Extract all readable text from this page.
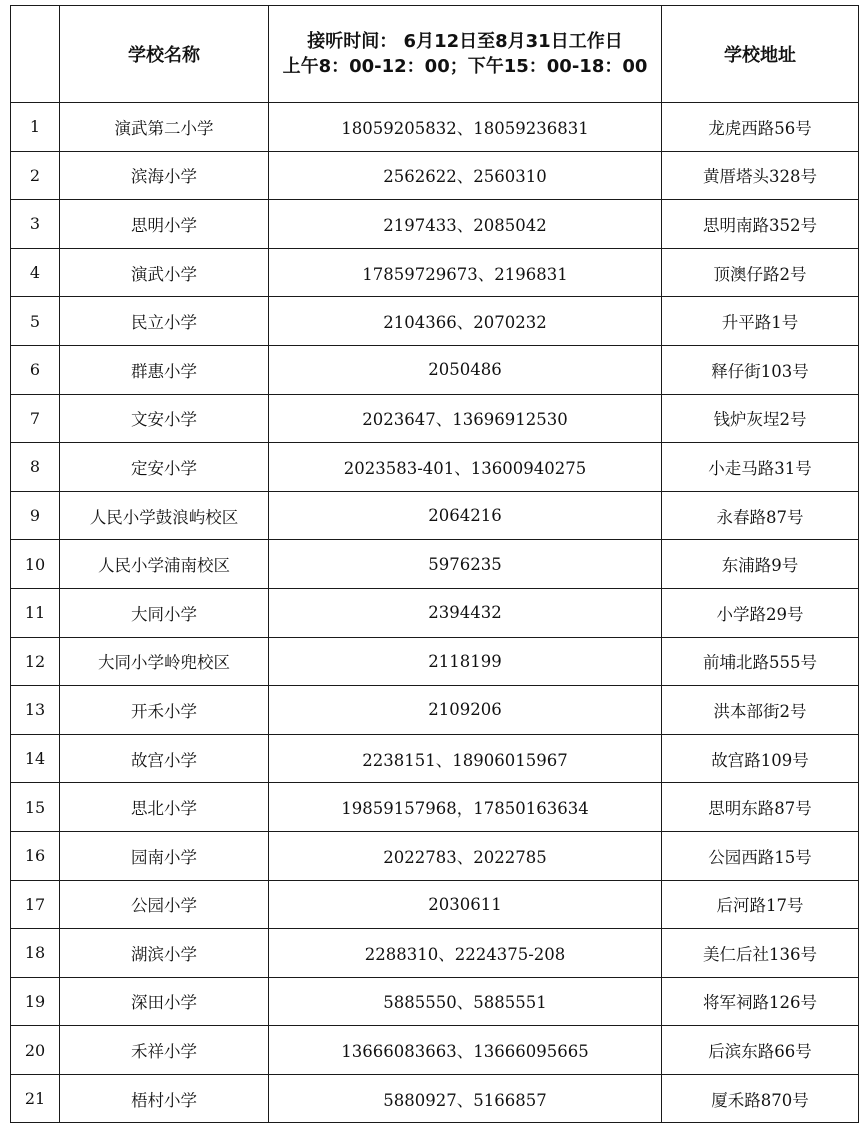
	学校名称	接听时间： 6月12日至8月31日工作日
上午8：00-12：00；下午15：00-18：00	学校地址
1	演武第二小学	18059205832、18059236831	龙虎西路56号
2	滨海小学	2562622、2560310	黄厝塔头328号
3	思明小学	2197433、2085042	思明南路352号
4	演武小学	17859729673、2196831	顶澳仔路2号
5	民立小学	2104366、2070232	升平路1号
6	群惠小学	2050486	释仔街103号
7	文安小学	2023647、13696912530	钱炉灰埕2号
8	定安小学	2023583-401、13600940275	小走马路31号
9	人民小学鼓浪屿校区	2064216	永春路87号
10	人民小学浦南校区	5976235	东浦路9号
11	大同小学	2394432	小学路29号
12	大同小学岭兜校区	2118199	前埔北路555号
13	开禾小学	2109206	洪本部街2号
14	故宫小学	2238151、18906015967	故宫路109号
15	思北小学	19859157968，17850163634	思明东路87号
16	园南小学	2022783、2022785	公园西路15号
17	公园小学	2030611	后河路17号
18	湖滨小学	2288310、2224375-208	美仁后社136号
19	深田小学	5885550、5885551	将军祠路126号
20	禾祥小学	13666083663、13666095665	后滨东路66号
21	梧村小学	5880927、5166857	厦禾路870号
